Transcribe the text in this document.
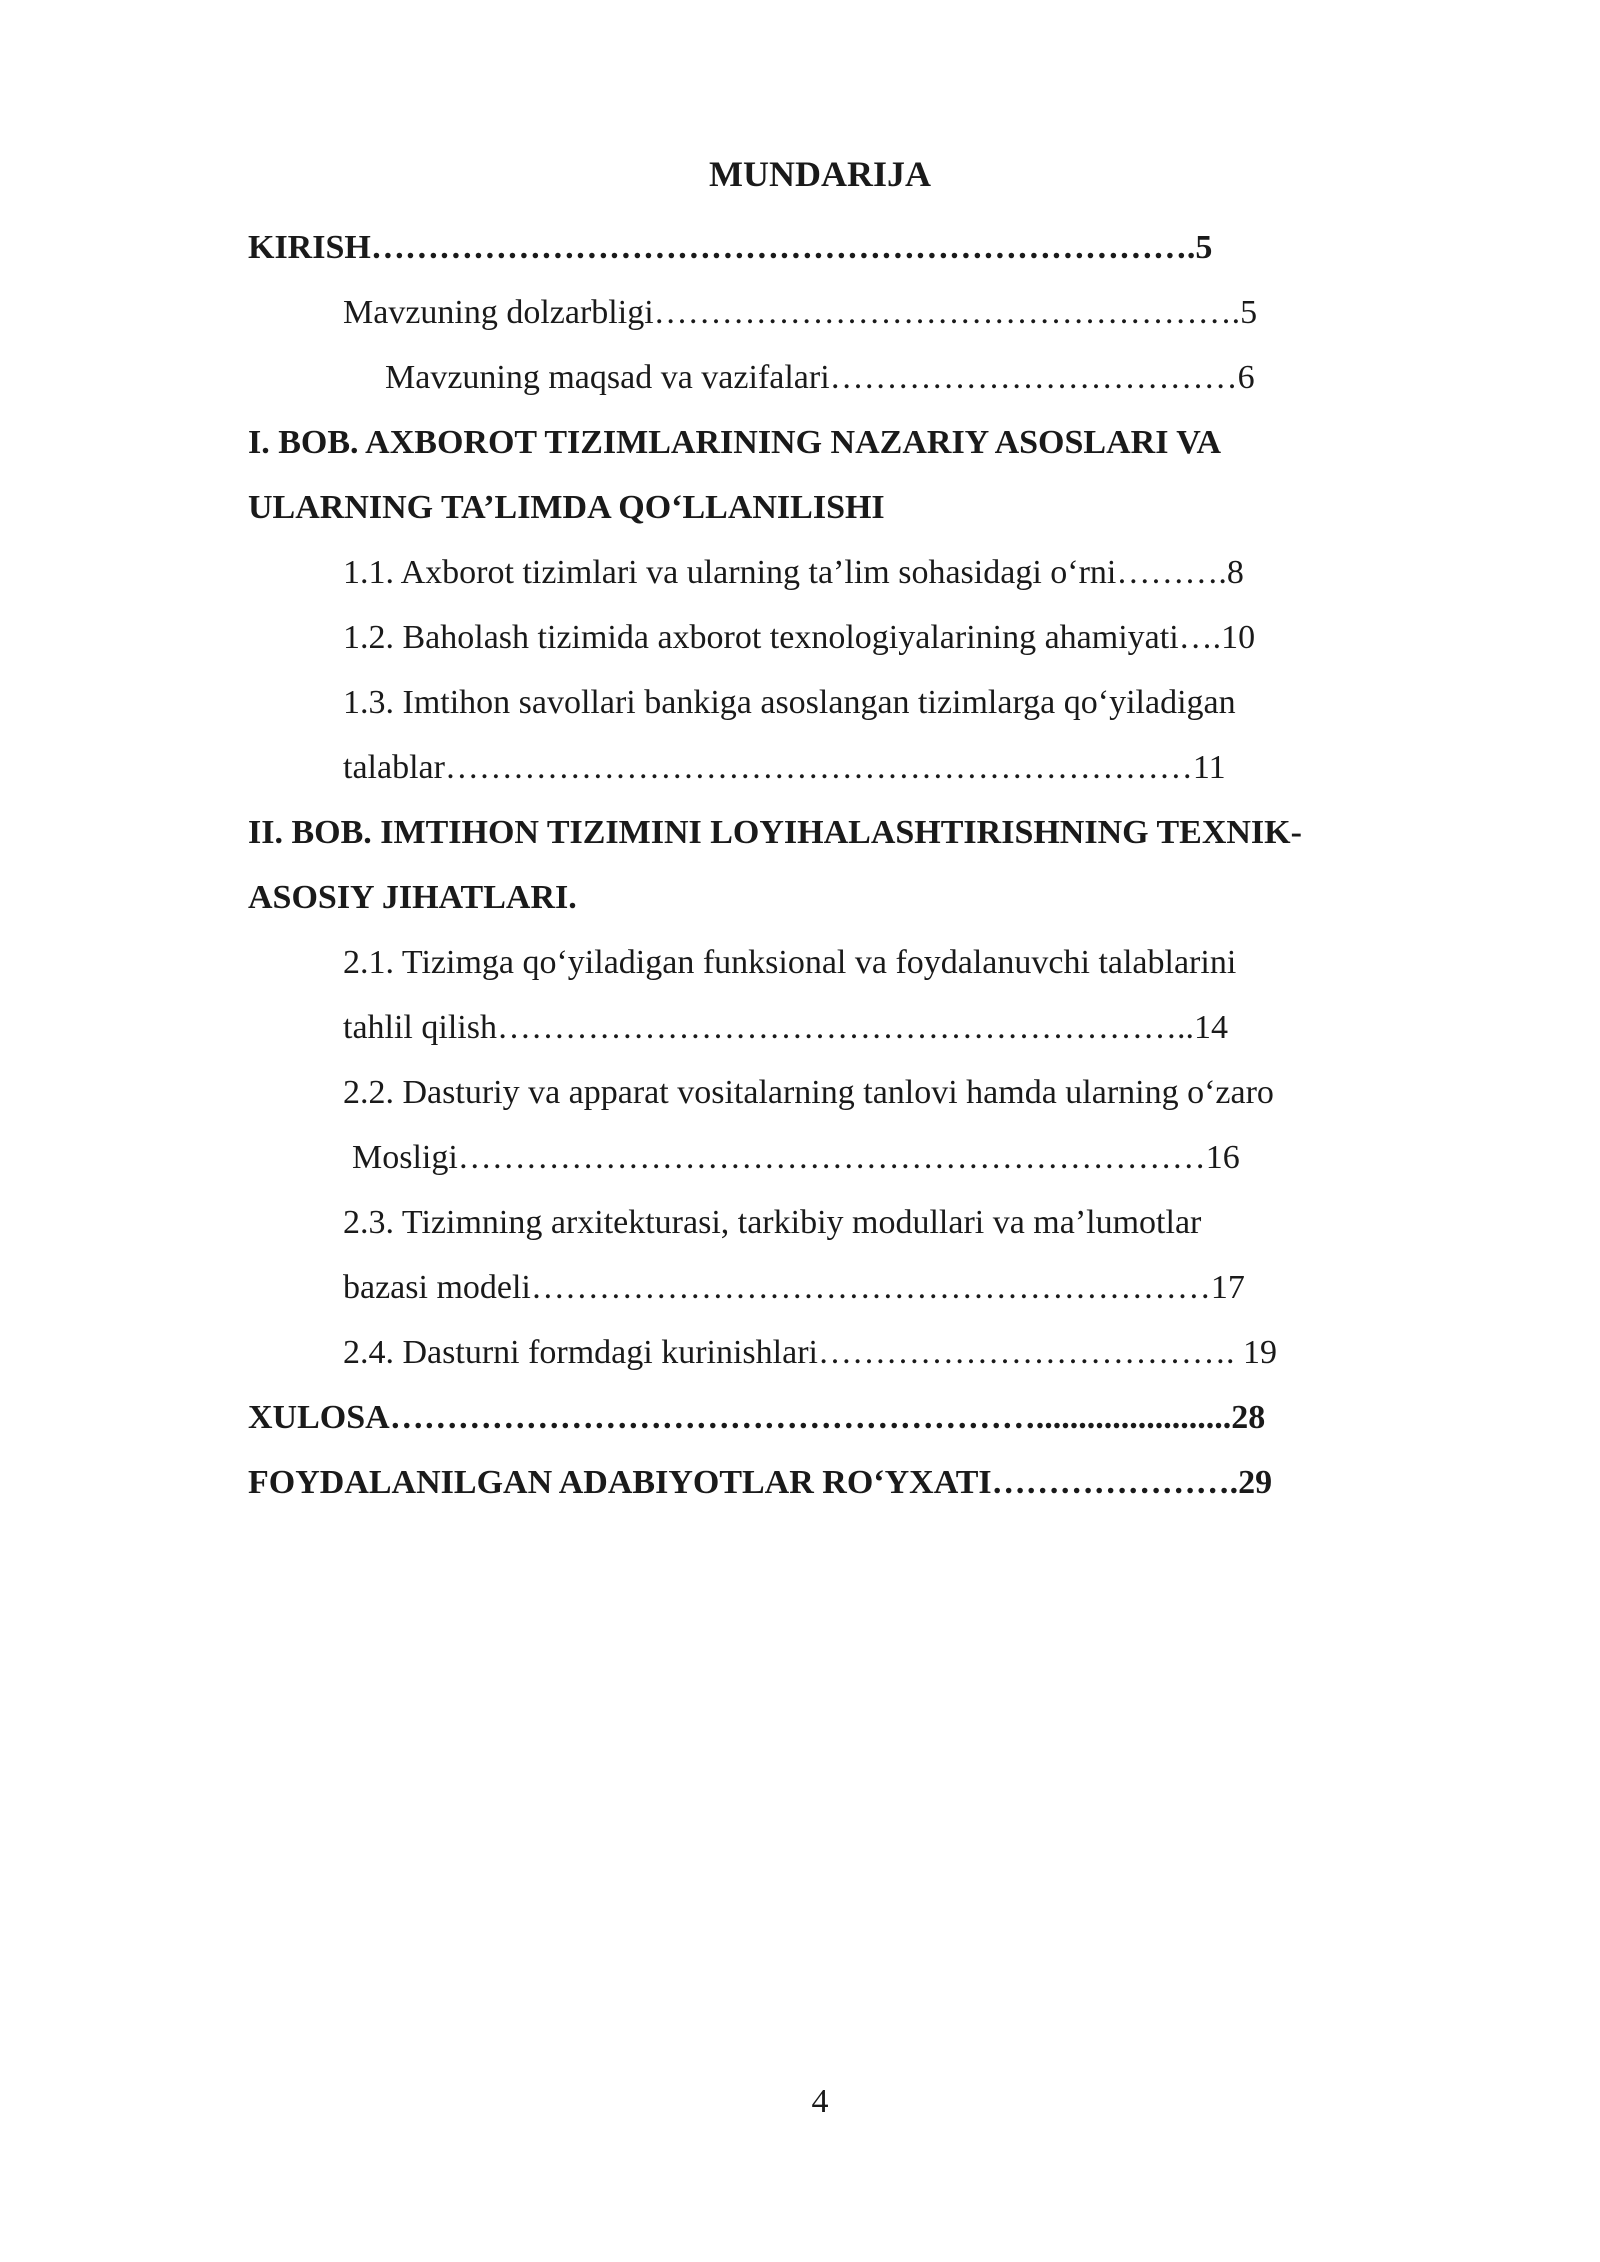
MUNDARIJA
KIRISH……………………………………………………………….5
Mavzuning dolzarbligi…………………………………………….5
Mavzuning maqsad va vazifalari………………………………6
I. BOB. AXBOROT TIZIMLARINING NAZARIY ASOSLARI VA
ULARNING TA’LIMDA QO‘LLANILISHI
1.1. Axborot tizimlari va ularning ta’lim sohasidagi o‘rni……….8
1.2. Baholash tizimida axborot texnologiyalarining ahamiyati….10
1.3. Imtihon savollari bankiga asoslangan tizimlarga qo‘yiladigan
talablar…………………………………………………………11
II. BOB. IMTIHON TIZIMINI LOYIHALASHTIRISHNING TEXNIK-
ASOSIY JIHATLARI.
2.1. Tizimga qo‘yiladigan funksional va foydalanuvchi talablarini
tahlil qilish……………………………………………………..14
2.2. Dasturiy va apparat vositalarning tanlovi hamda ularning o‘zaro
Mosligi…………………………………………………………16
2.3. Tizimning arxitekturasi, tarkibiy modullari va ma’lumotlar
bazasi modeli……………………………………………………17
2.4. Dasturni formdagi kurinishlari………………………………. 19
XULOSA………………………………………………….......................28
FOYDALANILGAN ADABIYOTLAR RO‘YXATI………………….29
4
